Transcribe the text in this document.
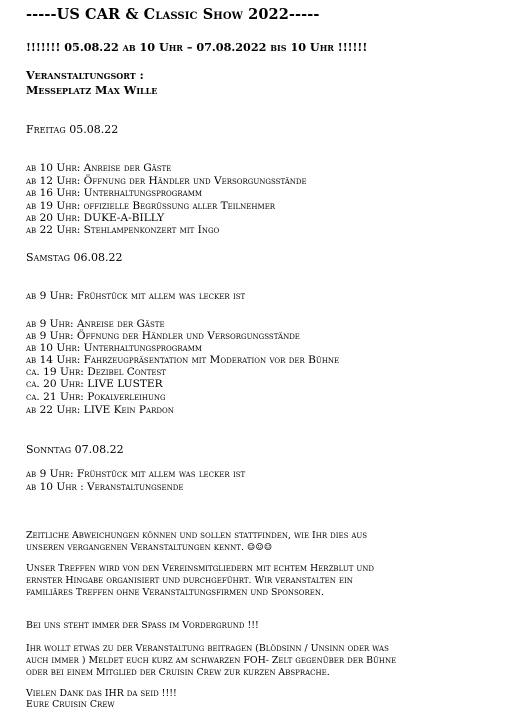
-----US CAR & Classic Show 2022-----
!!!!!!! 05.08.22 ab 10 Uhr – 07.08.2022 bis 10 Uhr !!!!!!
Veranstaltungsort :
Messeplatz Max Wille
Freitag 05.08.22
ab 10 Uhr: Anreise der Gäste
ab 12 Uhr: Öffnung der Händler und Versorgungsstände
ab 16 Uhr: Unterhaltungsprogramm
ab 19 Uhr: offizielle Begrüssung aller Teilnehmer
ab 20 Uhr: DUKE-A-BILLY
ab 22 Uhr: Stehlampenkonzert mit Ingo
Samstag 06.08.22
ab 9 Uhr: Frühstück mit allem was lecker ist
ab 9 Uhr: Anreise der Gäste
ab 9 Uhr: Öffnung der Händler und Versorgungsstände
ab 10 Uhr: Unterhaltungsprogramm
ab 14 Uhr: Fahrzeugpräsentation mit Moderation vor der Bühne
ca. 19 Uhr: Dezibel Contest
ca. 20 Uhr: LIVE LUSTER
ca. 21 Uhr: Pokalverleihung
ab 22 Uhr: LIVE Kein Pardon
Sonntag 07.08.22
ab 9 Uhr: Frühstück mit allem was lecker ist
ab 10 Uhr : Veranstaltungsende
Zeitliche Abweichungen können und sollen stattfinden, wie Ihr dies aus
unseren vergangenen Veranstaltungen kennt. ☺☺☺
Unser Treffen wird von den Vereinsmitgliedern mit echtem Herzblut und
ernster Hingabe organisiert und durchgeführt. Wir veranstalten ein
familiäres Treffen ohne Veranstaltungsfirmen und Sponsoren.
Bei uns steht immer der Spass im Vordergrund !!!
Ihr wollt etwas zu der Veranstaltung beitragen (Blödsinn / Unsinn oder was
auch immer ) Meldet euch kurz am schwarzen FOH- Zelt gegenüber der Bühne
oder bei einem Mitglied der Cruisin Crew zur kurzen Absprache.
Vielen Dank das IHR da seid !!!!
Eure Cruisin Crew
